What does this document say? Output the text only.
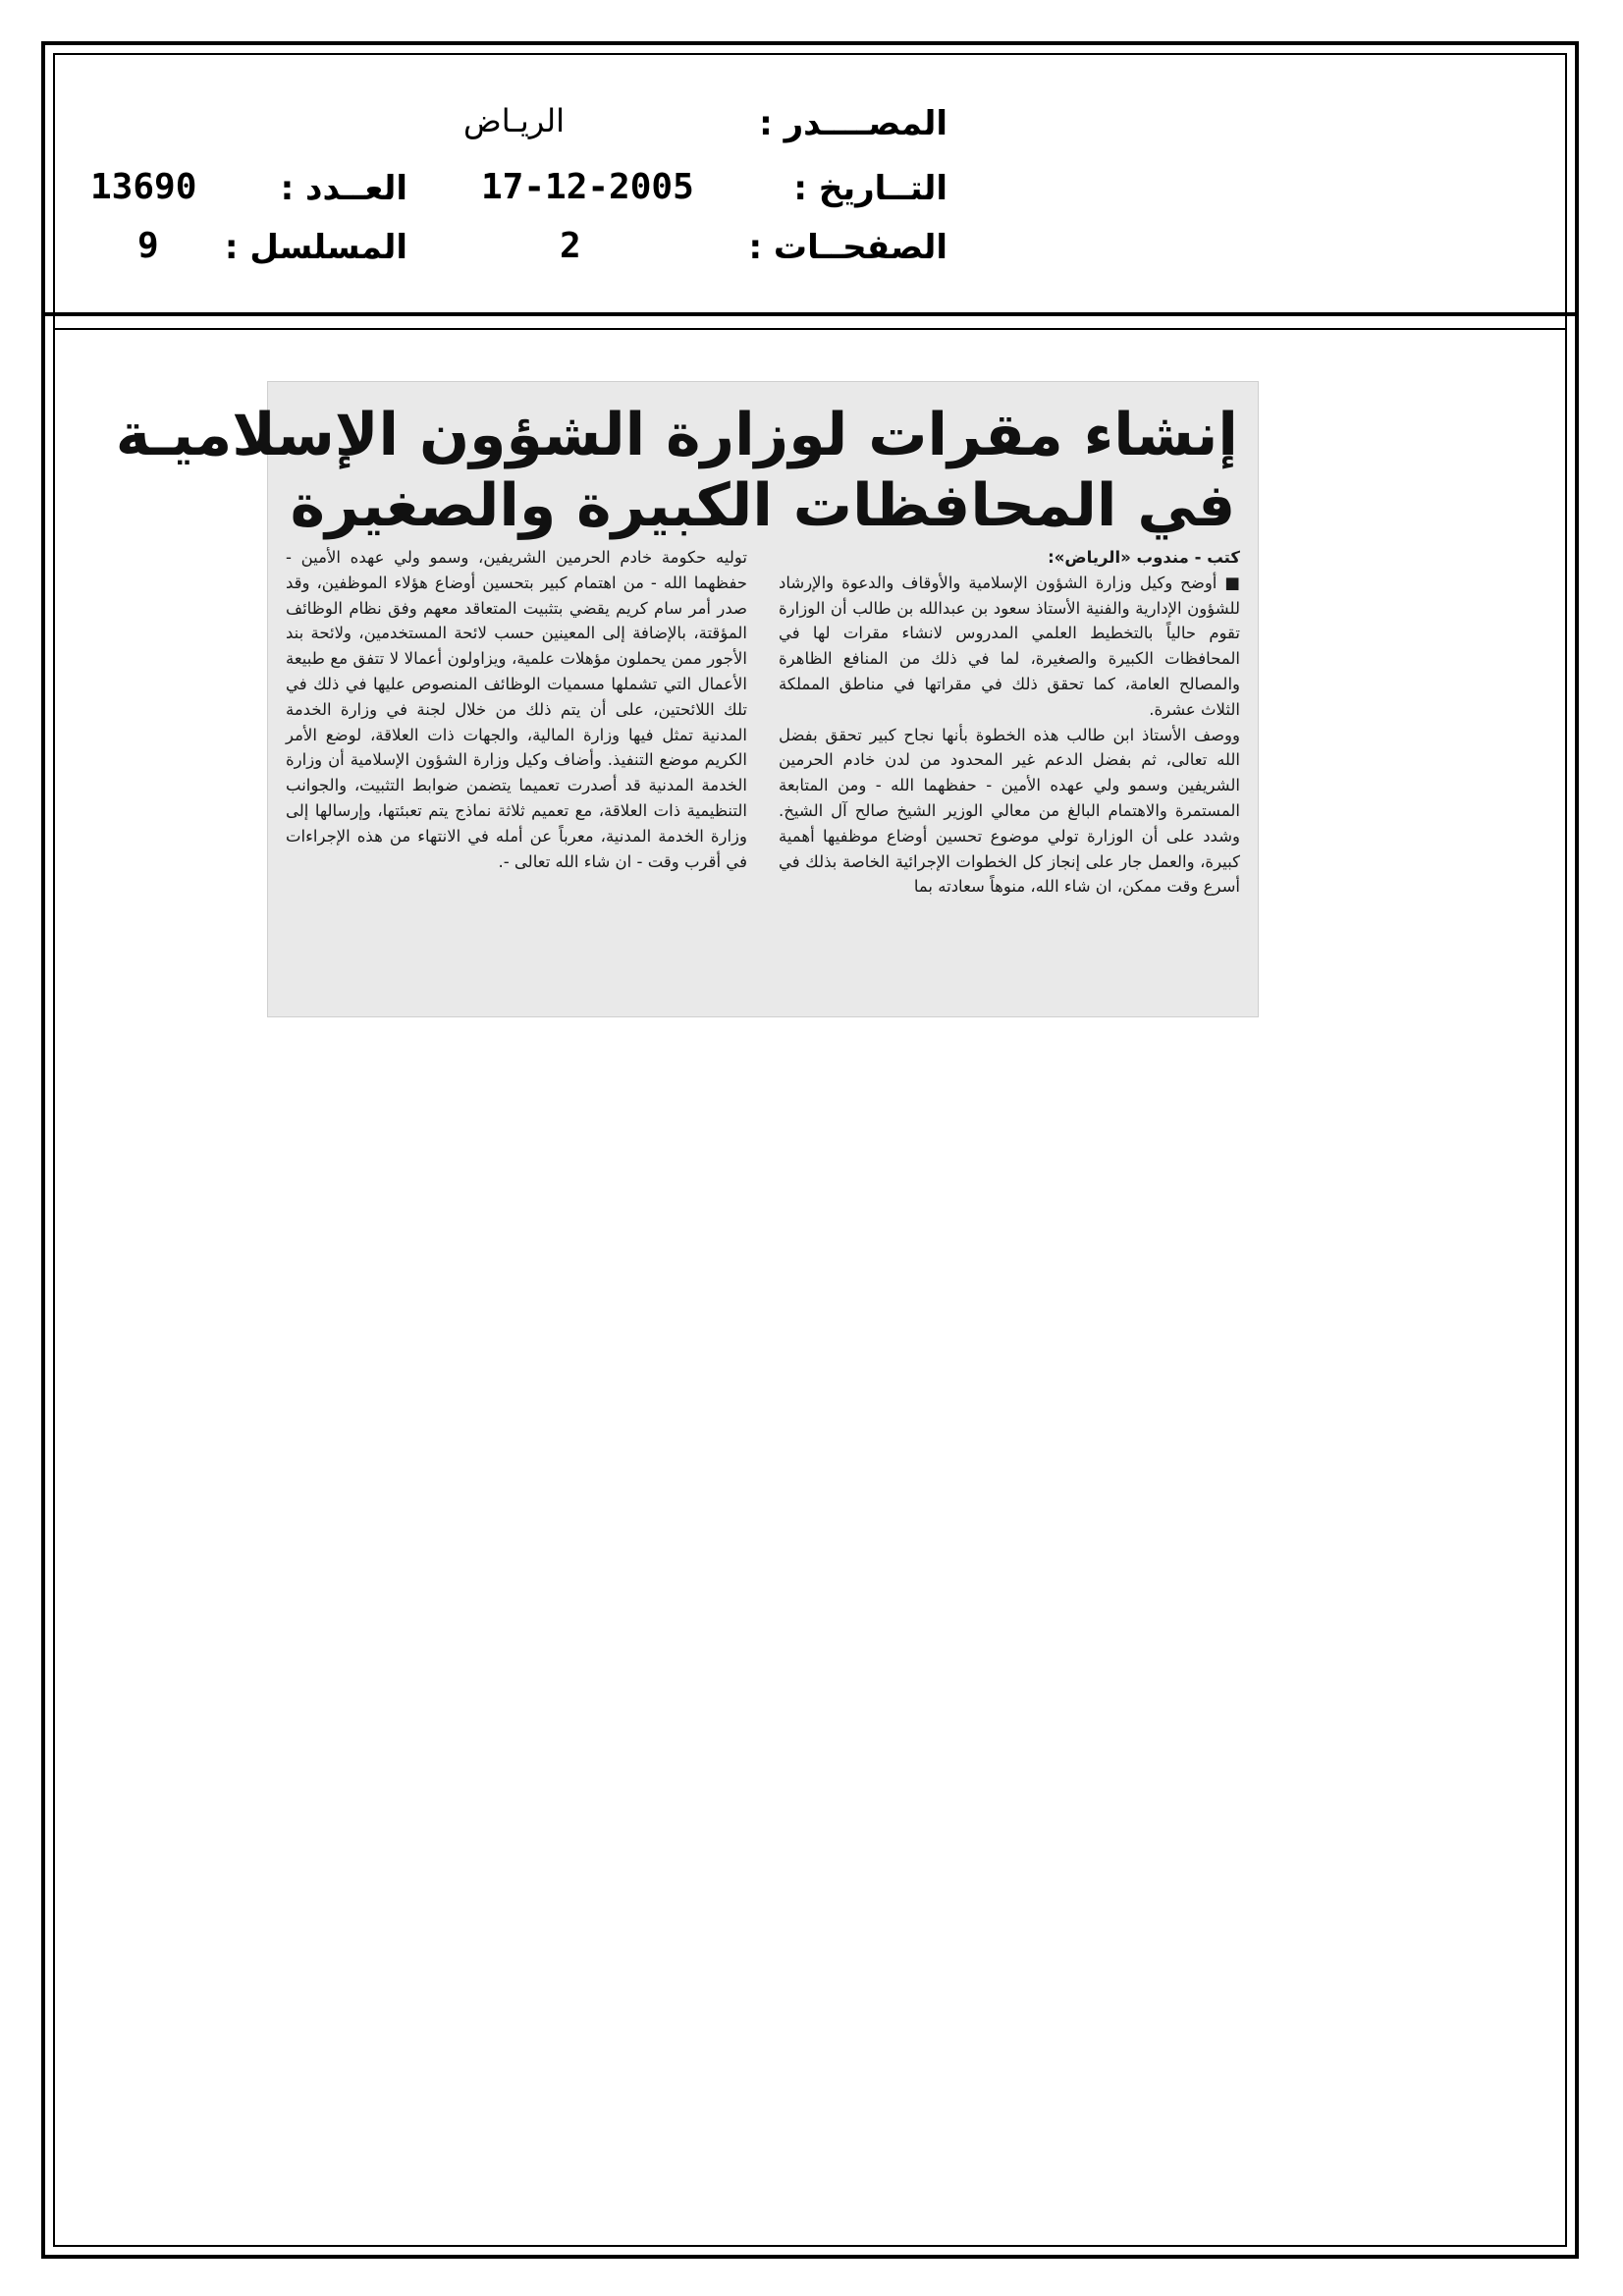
المصــــدر :
الريـاض
التــاريخ :
17-12-2005
العــدد :
13690
الصفحــات :
2
المسلسل :
9
إنشاء مقرات لوزارة الشؤون الإسلاميـة
في المحافظات الكبيرة والصغيرة

كتب - مندوب «الرياض»:

■ أوضح وكيل وزارة الشؤون الإسلامية والأوقاف والدعوة والإرشاد للشؤون الإدارية والفنية الأستاذ سعود بن عبدالله بن طالب أن الوزارة تقوم حالياً بالتخطيط العلمي المدروس لانشاء مقرات لها في المحافظات الكبيرة والصغيرة، لما في ذلك من المنافع الظاهرة والمصالح العامة، كما تحقق ذلك في مقراتها في مناطق المملكة الثلاث عشرة.

ووصف الأستاذ ابن طالب هذه الخطوة بأنها نجاح كبير تحقق بفضل الله تعالى، ثم بفضل الدعم غير المحدود من لدن خادم الحرمين الشريفين وسمو ولي عهده الأمين - حفظهما الله - ومن المتابعة المستمرة والاهتمام البالغ من معالي الوزير الشيخ صالح آل الشيخ. وشدد على أن الوزارة تولي موضوع تحسين أوضاع موظفيها أهمية كبيرة، والعمل جار على إنجاز كل الخطوات الإجرائية الخاصة بذلك في أسرع وقت ممكن، ان شاء الله، منوهاً سعادته بما

توليه حكومة خادم الحرمين الشريفين، وسمو ولي عهده الأمين - حفظهما الله - من اهتمام كبير بتحسين أوضاع هؤلاء الموظفين، وقد صدر أمر سام كريم يقضي بتثبيت المتعاقد معهم وفق نظام الوظائف المؤقتة، بالإضافة إلى المعينين حسب لائحة المستخدمين، ولائحة بند الأجور ممن يحملون مؤهلات علمية، ويزاولون أعمالا لا تتفق مع طبيعة الأعمال التي تشملها مسميات الوظائف المنصوص عليها في ذلك في تلك اللائحتين، على أن يتم ذلك من خلال لجنة في وزارة الخدمة المدنية تمثل فيها وزارة المالية، والجهات ذات العلاقة، لوضع الأمر الكريم موضع التنفيذ. وأضاف وكيل وزارة الشؤون الإسلامية أن وزارة الخدمة المدنية قد أصدرت تعميما يتضمن ضوابط التثبيت، والجوانب التنظيمية ذات العلاقة، مع تعميم ثلاثة نماذج يتم تعبئتها، وإرسالها إلى وزارة الخدمة المدنية، معرباً عن أمله في الانتهاء من هذه الإجراءات في أقرب وقت - ان شاء الله تعالى -.
